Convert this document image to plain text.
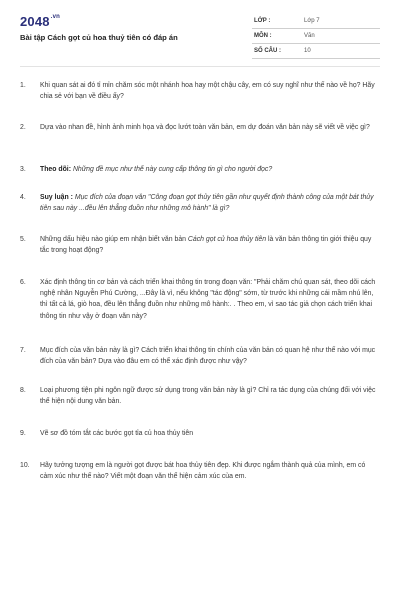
$2048^{.vn}$
Bài tập Cách gọt củ hoa thuỷ tiên có đáp án
LỚP :	Lớp 7
MÔN :	Văn
SỐ CÂU :	10
1.	Khi quan sát ai đó tỉ mỉn chăm sóc một nhánh hoa hay một chậu cây, em có suy nghĩ như thế nào về họ? Hãy chia sẻ với bạn về điều ấy?
2.	Dựa vào nhan đề, hình ảnh minh họa và đọc lướt toàn văn bản, em dự đoán văn bản này sẽ viết về việc gì?
3.	Theo dõi: Những đề mục như thế này cung cấp thông tin gì cho người đọc?
4.	Suy luận : Mục đích của đoạn văn "Công đoạn gọt thủy tiên gần như quyết định thành công của một bát thủy tiên sau này ...đều lên thẳng đuồn như những mô hành" là gì?
5.	Những dấu hiệu nào giúp em nhận biết văn bản Cách gọt củ hoa thủy tiên là văn bản thông tin giới thiệu quy tắc trong hoạt động?
6.	Xác định thông tin cơ bản và cách triển khai thông tin trong đoạn văn: "Phải chăm chú quan sát, theo dõi cách nghệ nhân Nguyễn Phú Cường, ...Đây là vì, nếu không "tác động" sớm, từ trước khi những cái mầm nhú lên, thì tất cả lá, giò hoa, đều lên thẳng đuồn như những mô hành:. . Theo em, vì sao tác giả chọn cách triển khai thông tin như vậy ở đoạn văn này?
7.	Mục đích của văn bản này là gì? Cách triển khai thông tin chính của văn bản có quan hệ như thế nào với mục đích của văn bản? Dựa vào đâu em có thể xác định được như vậy?
8.	Loại phương tiện phi ngôn ngữ được sử dụng trong văn bản này là gì? Chỉ ra tác dụng của chúng đối với việc thể hiện nội dung văn bản.
9.	Vẽ sơ đồ tóm tắt các bước gọt tỉa củ hoa thủy tiên
10.	Hãy tưởng tượng em là người gọt được bát hoa thủy tiên đẹp. Khi được ngắm thành quả của mình, em có cảm xúc như thế nào? Viết một đoạn văn thể hiện cảm xúc của em.
